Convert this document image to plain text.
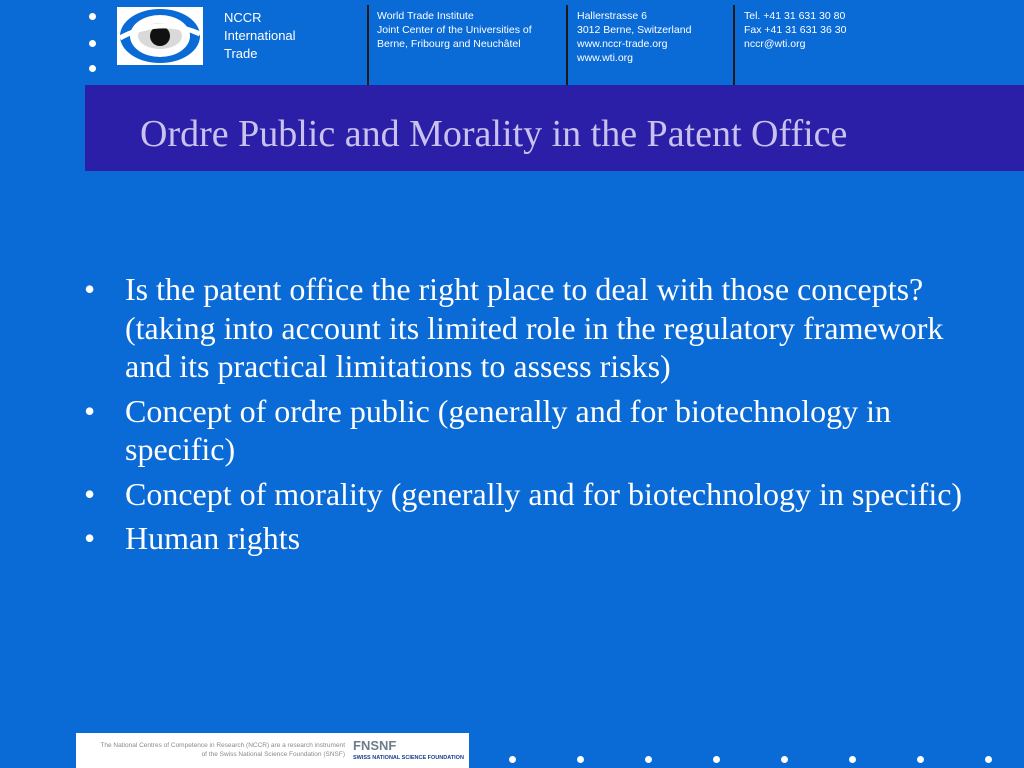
NCCR
International
Trade
World Trade Institute
Joint Center of the Universities of
Berne, Fribourg and Neuchâtel
Hallerstrasse 6
3012 Berne, Switzerland
www.nccr-trade.org
www.wti.org
Tel. +41 31 631 30 80
Fax +41 31 631 36 30
nccr@wti.org
Ordre Public and Morality in the Patent Office
• Is the patent office the right place to deal with those concepts? (taking into account its limited role in the regulatory framework and its practical limitations to assess risks)
• Concept of ordre public (generally and for biotechnology in specific)
• Concept of morality (generally and for biotechnology in specific)
• Human rights
The National Centres of Competence in Research (NCCR) are a research instrument
of the Swiss National Science Foundation (SNSF)
FNSNF
SWISS NATIONAL SCIENCE FOUNDATION
